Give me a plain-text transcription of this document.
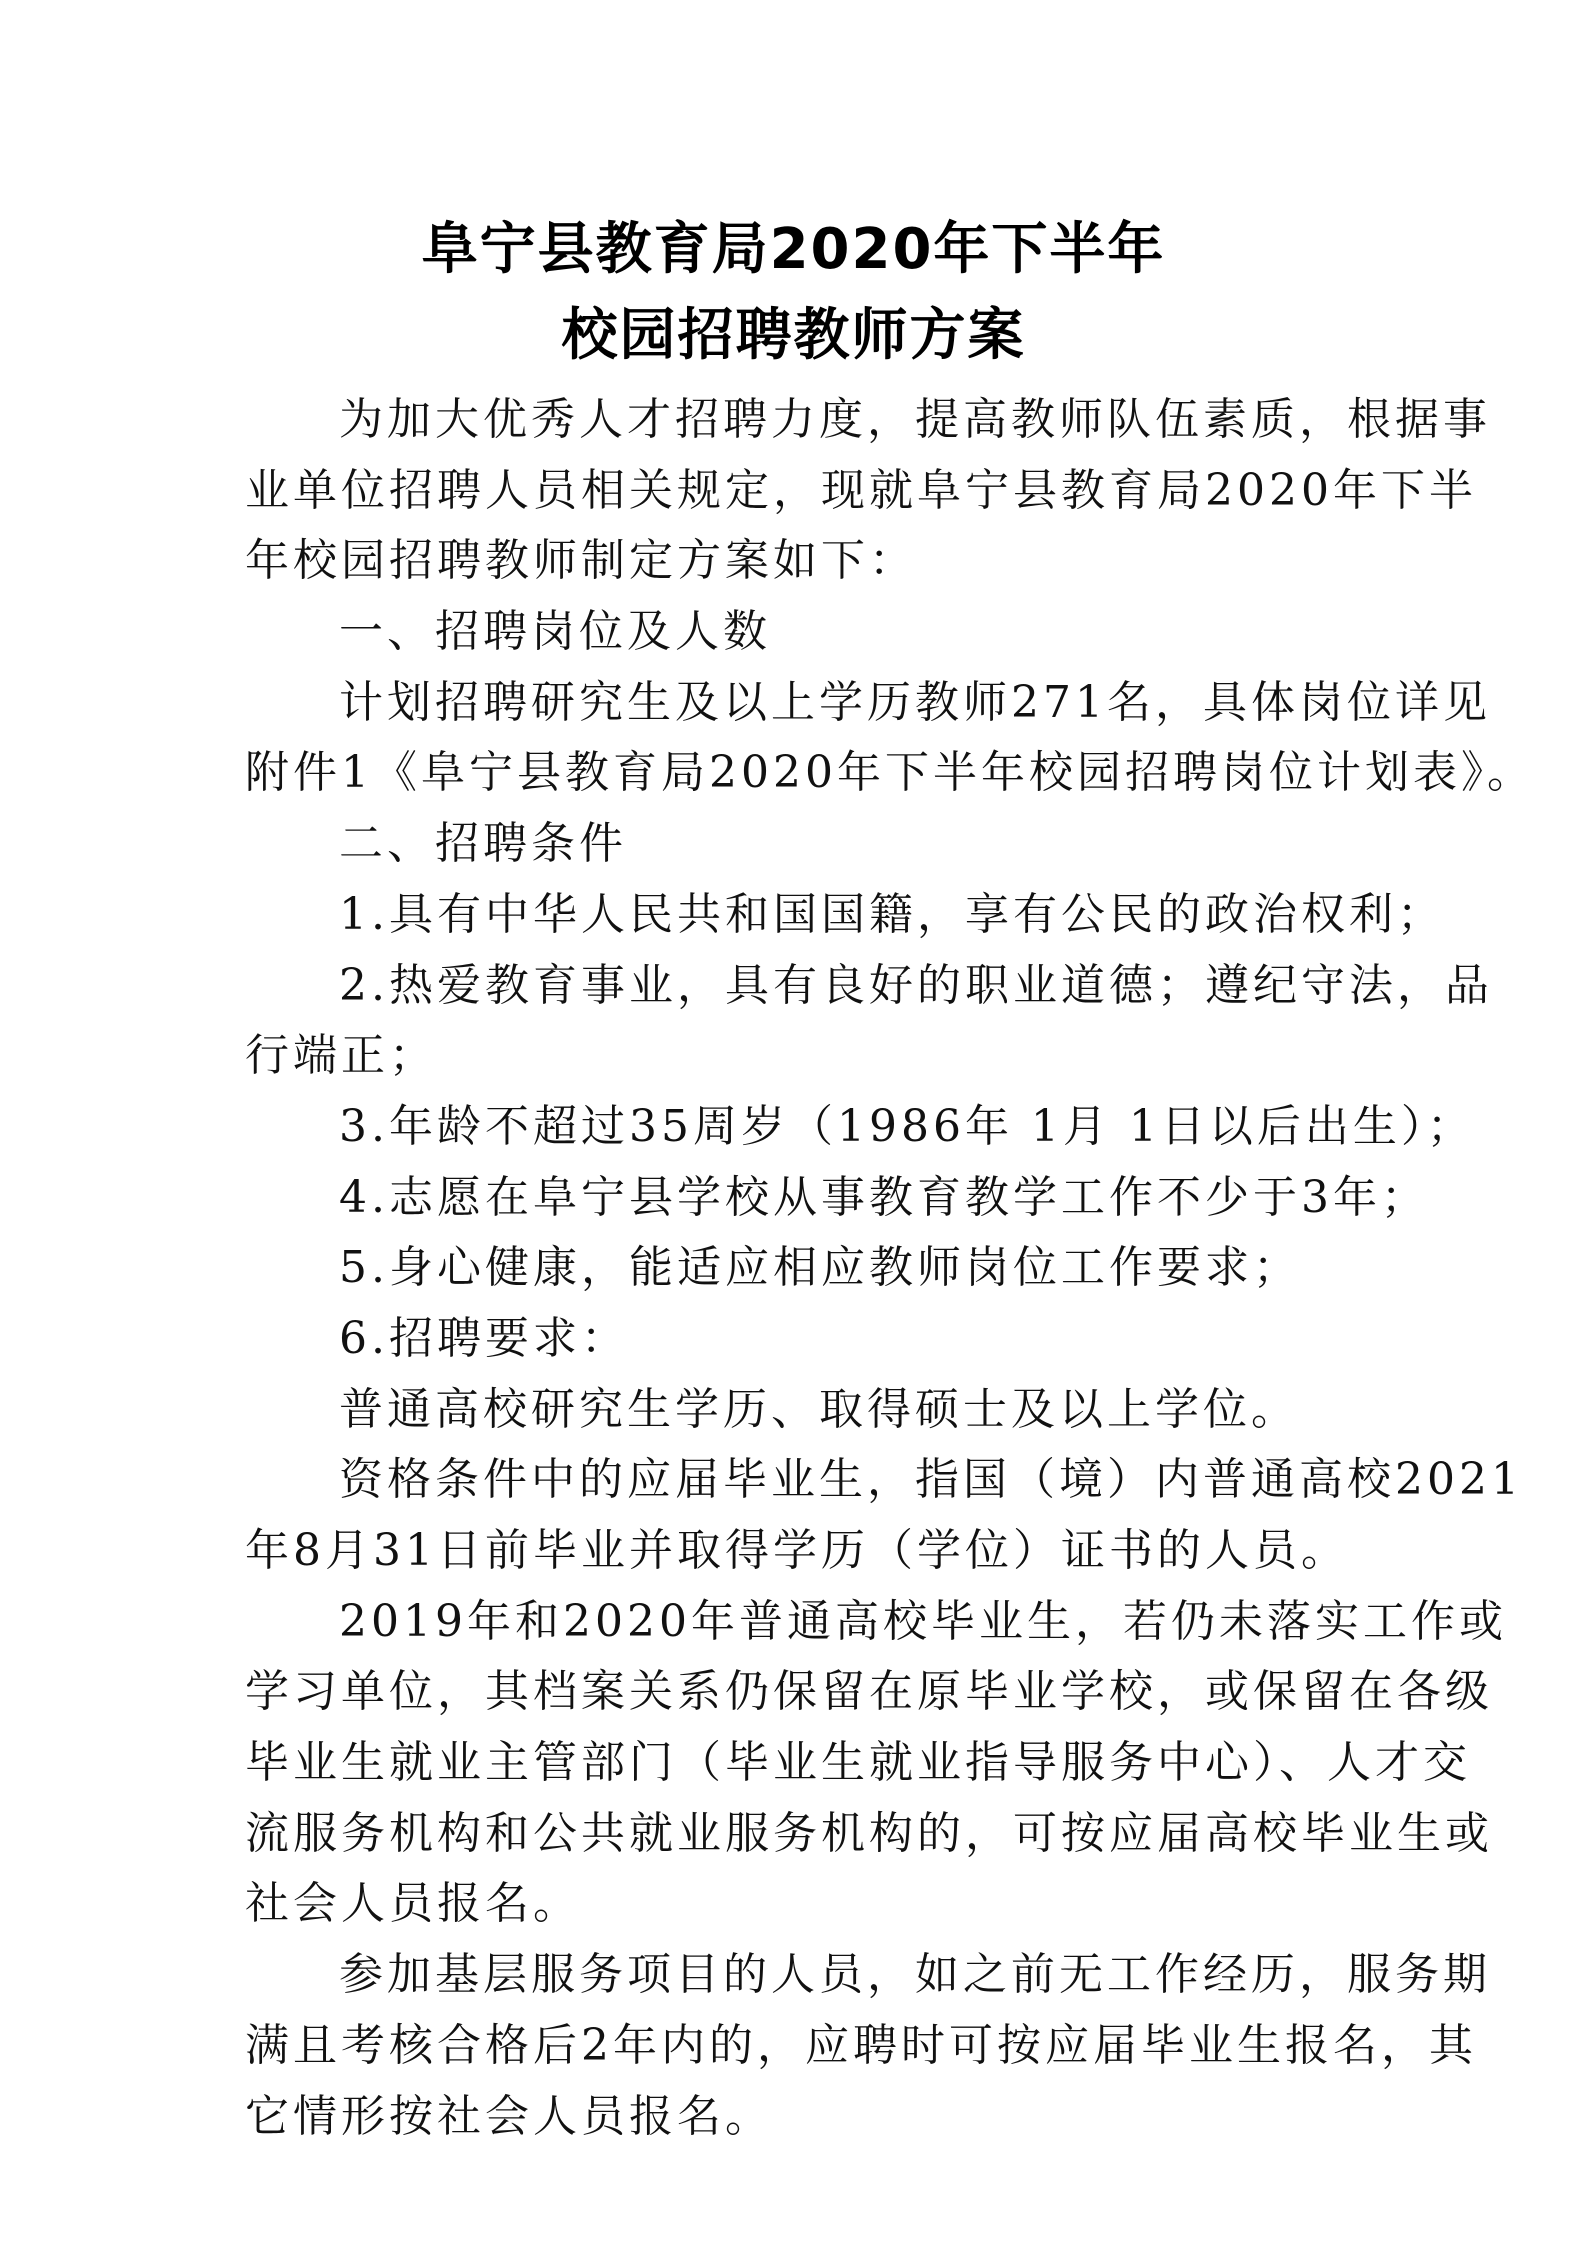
阜宁县教育局2020年下半年
校园招聘教师方案
为加大优秀人才招聘力度，提高教师队伍素质，根据事
业单位招聘人员相关规定，现就阜宁县教育局2020年下半
年校园招聘教师制定方案如下：
一、招聘岗位及人数
计划招聘研究生及以上学历教师271名，具体岗位详见
附件1《阜宁县教育局2020年下半年校园招聘岗位计划表》。
二、招聘条件
1.具有中华人民共和国国籍，享有公民的政治权利；
2.热爱教育事业，具有良好的职业道德；遵纪守法，品
行端正；
3.年龄不超过35周岁（1986年 1月 1日以后出生）；
4.志愿在阜宁县学校从事教育教学工作不少于3年；
5.身心健康，能适应相应教师岗位工作要求；
6.招聘要求：
普通高校研究生学历、取得硕士及以上学位。
资格条件中的应届毕业生，指国（境）内普通高校2021
年8月31日前毕业并取得学历（学位）证书的人员。
2019年和2020年普通高校毕业生，若仍未落实工作或
学习单位，其档案关系仍保留在原毕业学校，或保留在各级
毕业生就业主管部门（毕业生就业指导服务中心）、人才交
流服务机构和公共就业服务机构的，可按应届高校毕业生或
社会人员报名。
参加基层服务项目的人员，如之前无工作经历，服务期
满且考核合格后2年内的，应聘时可按应届毕业生报名，其
它情形按社会人员报名。
